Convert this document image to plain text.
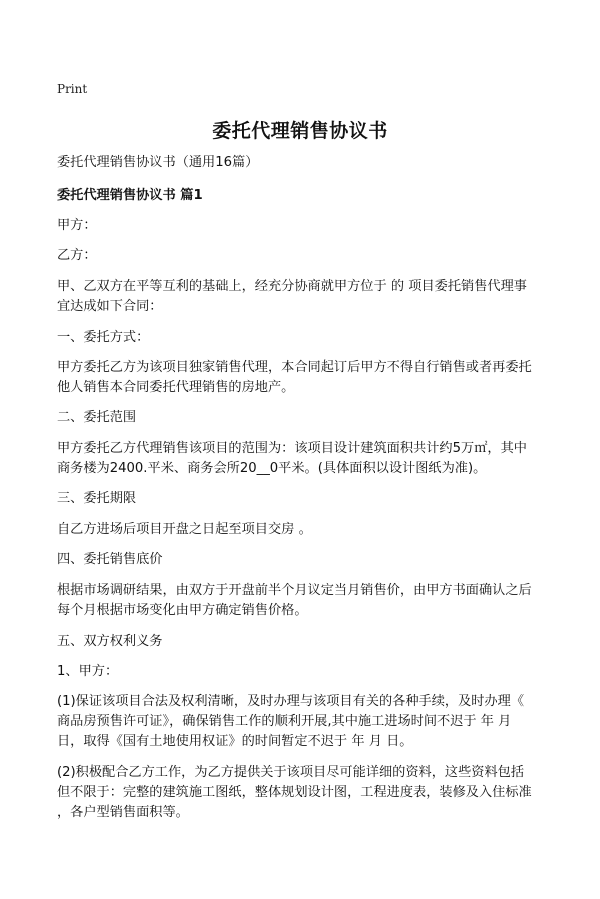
Print
委托代理销售协议书
委托代理销售协议书（通用16篇）
委托代理销售协议书 篇1
甲方：
乙方：
甲、乙双方在平等互利的基础上，经充分协商就甲方位于 的 项目委托销售代理事
宜达成如下合同：
一、委托方式：
甲方委托乙方为该项目独家销售代理，本合同起订后甲方不得自行销售或者再委托
他人销售本合同委托代理销售的房地产。
二、委托范围
甲方委托乙方代理销售该项目的范围为：该项目设计建筑面积共计约5万㎡，其中
商务楼为2400.平米、商务会所20__0平米。(具体面积以设计图纸为准)。
三、委托期限
自乙方进场后项目开盘之日起至项目交房 。
四、委托销售底价
根据市场调研结果，由双方于开盘前半个月议定当月销售价，由甲方书面确认之后
每个月根据市场变化由甲方确定销售价格。
五、双方权利义务
1、甲方：
(1)保证该项目合法及权利清晰，及时办理与该项目有关的各种手续，及时办理《
商品房预售许可证》，确保销售工作的顺利开展,其中施工进场时间不迟于 年 月
日，取得《国有土地使用权证》的时间暂定不迟于 年 月 日。
(2)积极配合乙方工作，为乙方提供关于该项目尽可能详细的资料，这些资料包括
但不限于：完整的建筑施工图纸，整体规划设计图，工程进度表，装修及入住标准
，各户型销售面积等。
